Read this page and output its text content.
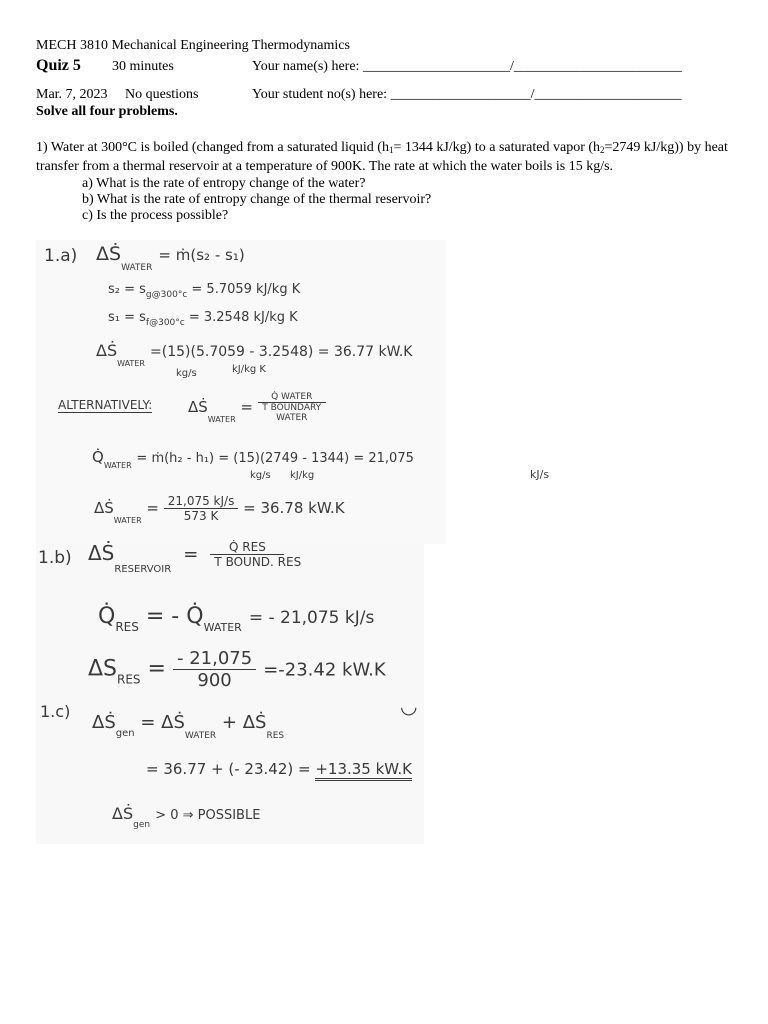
MECH 3810 Mechanical Engineering Thermodynamics
Quiz 5 30 minutes	Your name(s) here: _____________________/________________________
Mar. 7, 2023 No questions	Your student no(s) here: ____________________/_____________________
Solve all four problems.
1) Water at 300°C is boiled (changed from a saturated liquid ($h_1= 1344$ kJ/kg) to a saturated vapor ($h_2=2749$ kJ/kg)) by heat transfer from a thermal reservoir at a temperature of 900K. The rate at which the water boils is 15 kg/s.
a) What is the rate of entropy change of the water?
b) What is the rate of entropy change of the thermal reservoir?
c) Is the process possible?
1.a) ΔṠ$_{WATER}$ = ṁ(s₂ - s₁)
$s_2 = s_{g@300^\circ c} = 5.7059$ kJ/kg K
$s_1 = s_{f@300^\circ c} = 3.2548$ kJ/kg K
ΔṠ$_{WATER}$ =(15)(5.7059 - 3.2548) = 36.77 kW.K
kg/s	kJ/kg K
ALTERNATIVELY: ΔṠ$_{WATER}$ = $\frac{\text{Q̇ WATER}}{\text{T BOUNDARY WATER}}$
$Q̇_{WATER}$ = ṁ(h₂ - h₁) = (15)(2749 - 1344) = 21,075
kg/s kJ/kg	kJ/s
ΔṠ$_{WATER}$ = $\frac{21,075 kJ/s}{573 K} = 36.78$ kW.K
1.b) ΔṠ$_{RESERVOIR}$  = $\frac{\text{Q̇ RES}}{\text{T BOUND. RES}}$
$Q̇_{RES}$ = - $Q̇_{WATER}$ = - 21,075 kJ/s
$\Delta S_{RES} = \frac{- 21,075}{900} =-23.42$ kW.K
1.c)	◡
ΔṠ$_{gen}$ = ΔṠ$_{WATER}$ + ΔṠ$_{RES}$
= 36.77 + (- 23.42) = +13.35 kW.K
ΔṠ$_{gen}$ > 0 ⇒ POSSIBLE
